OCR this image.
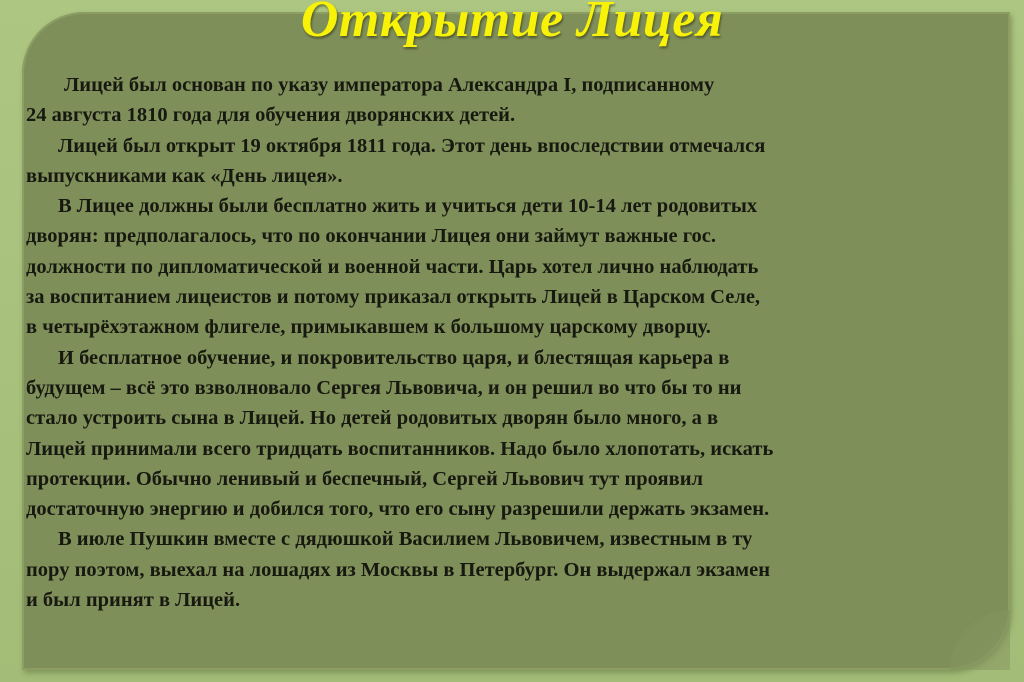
Открытие Лицея

Лицей был основан по указу императора Александра I, подписанному
24 августа 1810 года для обучения дворянских детей.
Лицей был открыт 19 октября 1811 года. Этот день впоследствии отмечался
выпускниками как «День лицея».
В Лицее должны были бесплатно жить и учиться дети 10-14 лет родовитых
дворян: предполагалось, что по окончании Лицея они займут важные гос.
должности по дипломатической и военной части. Царь хотел лично наблюдать
за воспитанием лицеистов и потому приказал открыть Лицей в Царском Селе,
в четырёхэтажном флигеле, примыкавшем к большому царскому дворцу.
И бесплатное обучение, и покровительство царя, и блестящая карьера в
будущем – всё это взволновало Сергея Львовича, и он решил во что бы то ни
стало устроить сына в Лицей. Но детей родовитых дворян было много, а в
Лицей принимали всего тридцать воспитанников. Надо было хлопотать, искать
протекции. Обычно ленивый и беспечный, Сергей Львович тут проявил
достаточную энергию и добился того, что его сыну разрешили держать экзамен.
В июле Пушкин вместе с дядюшкой Василием Львовичем, известным в ту
пору поэтом, выехал на лошадях из Москвы в Петербург. Он выдержал экзамен
и был принят в Лицей.
